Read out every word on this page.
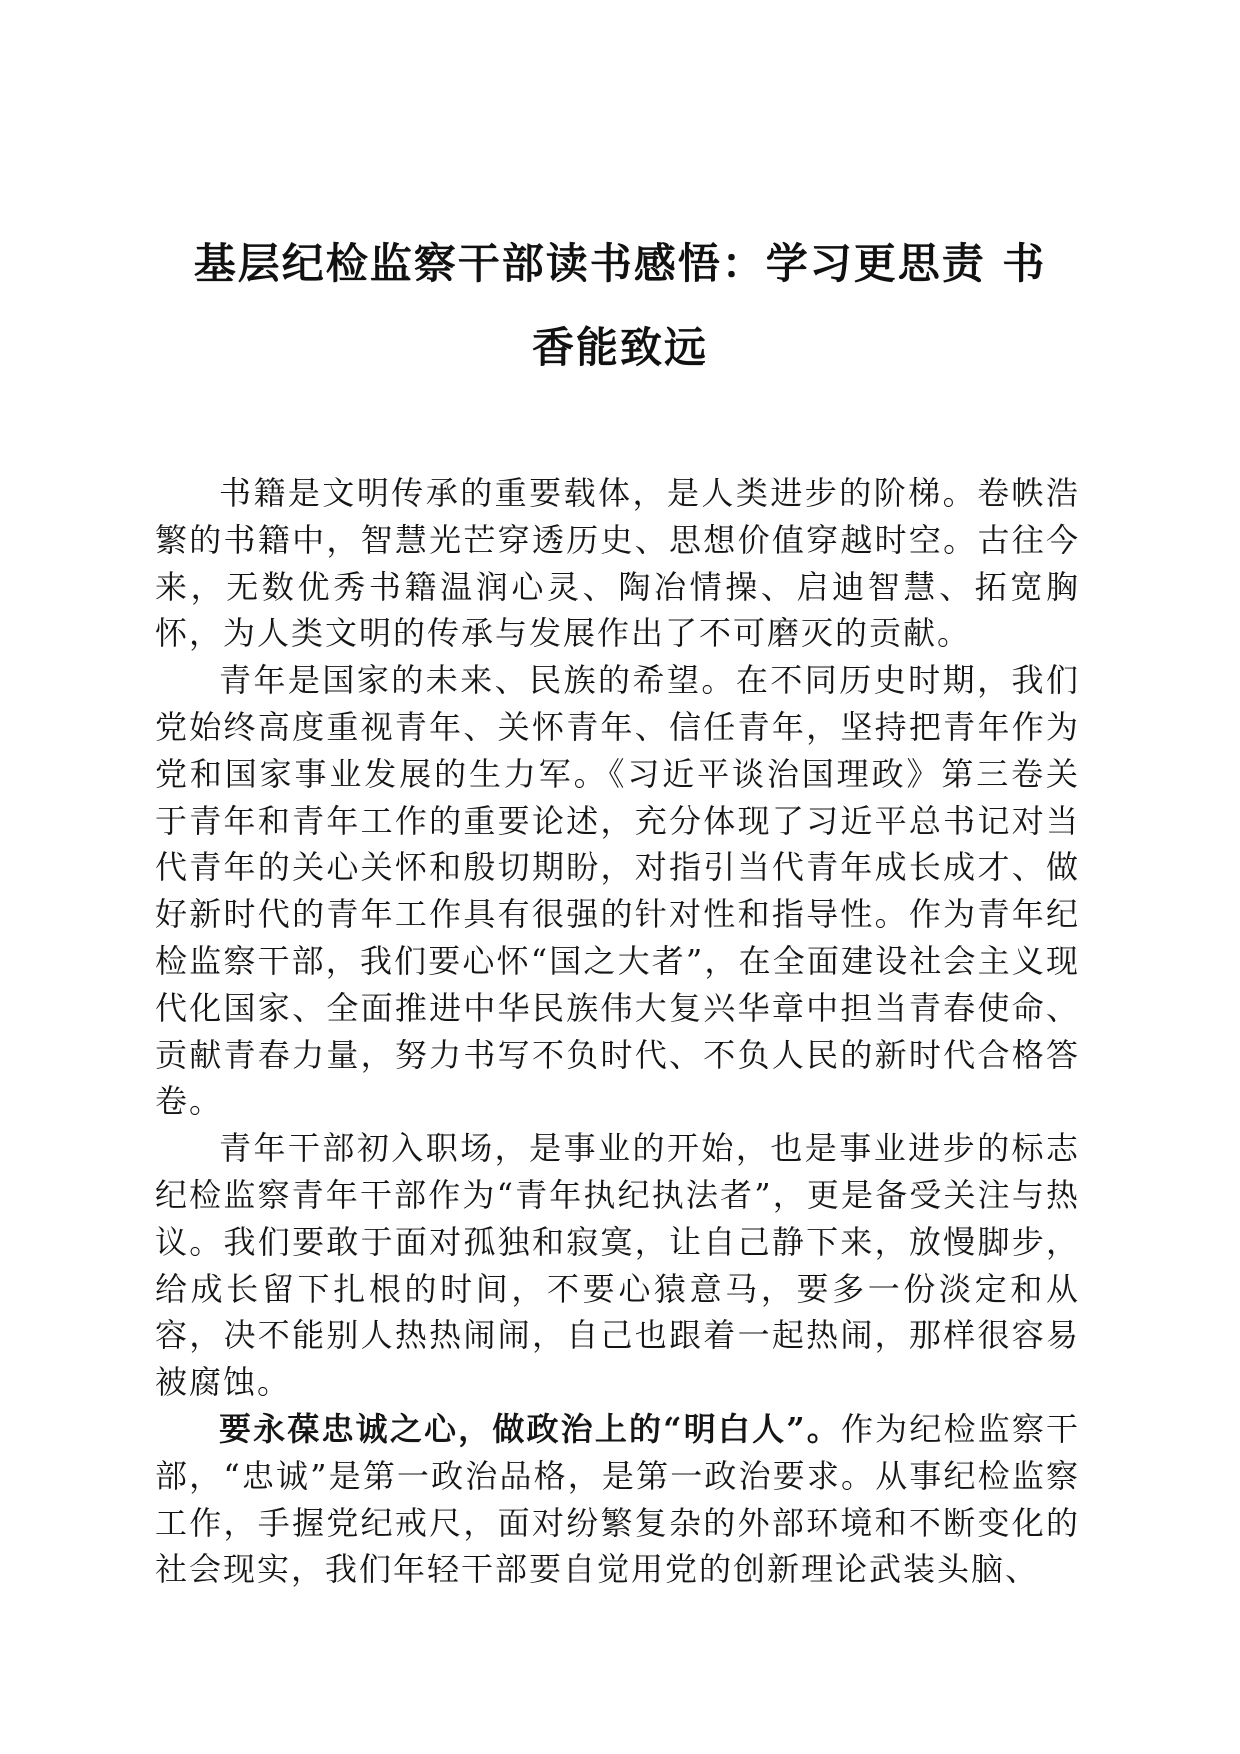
基层纪检监察干部读书感悟：学习更思责 书
香能致远

书籍是文明传承的重要载体，是人类进步的阶梯。卷帙浩繁的书籍中，智慧光芒穿透历史、思想价值穿越时空。古往今来，无数优秀书籍温润心灵、陶冶情操、启迪智慧、拓宽胸怀，为人类文明的传承与发展作出了不可磨灭的贡献。

青年是国家的未来、民族的希望。在不同历史时期，我们党始终高度重视青年、关怀青年、信任青年，坚持把青年作为党和国家事业发展的生力军。《习近平谈治国理政》第三卷关于青年和青年工作的重要论述，充分体现了习近平总书记对当代青年的关心关怀和殷切期盼，对指引当代青年成长成才、做好新时代的青年工作具有很强的针对性和指导性。作为青年纪检监察干部，我们要心怀“国之大者”，在全面建设社会主义现代化国家、全面推进中华民族伟大复兴华章中担当青春使命、贡献青春力量，努力书写不负时代、不负人民的新时代合格答卷。

青年干部初入职场，是事业的开始，也是事业进步的标志纪检监察青年干部作为“青年执纪执法者”，更是备受关注与热议。我们要敢于面对孤独和寂寞，让自己静下来，放慢脚步，给成长留下扎根的时间，不要心猿意马，要多一份淡定和从容，决不能别人热热闹闹，自己也跟着一起热闹，那样很容易被腐蚀。

要永葆忠诚之心，做政治上的“明白人”。作为纪检监察干部，“忠诚”是第一政治品格，是第一政治要求。从事纪检监察工作，手握党纪戒尺，面对纷繁复杂的外部环境和不断变化的社会现实，我们年轻干部要自觉用党的创新理论武装头脑、
